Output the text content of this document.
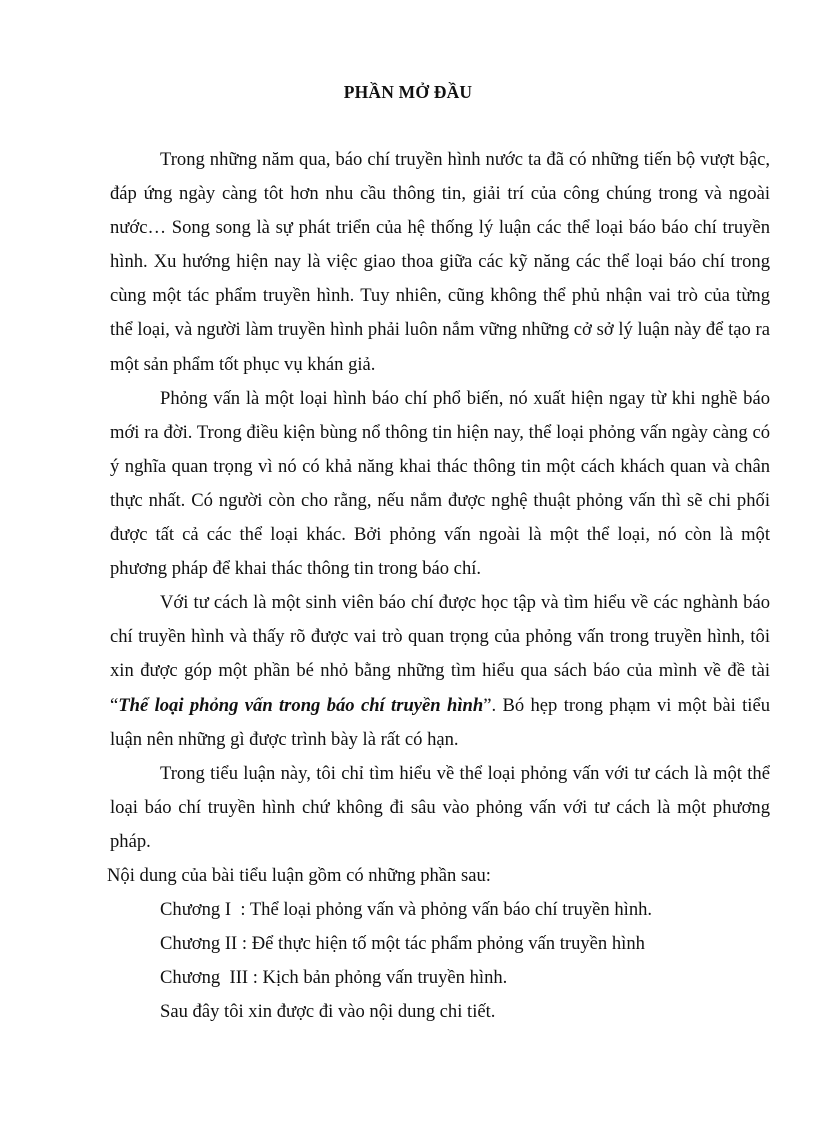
PHẦN MỞ ĐẦU

Trong những năm qua, báo chí truyền hình nước ta đã có những tiến bộ vượt bậc, đáp ứng ngày càng tôt hơn nhu cầu thông tin, giải trí của công chúng trong và ngoài nước… Song song là sự phát triển của hệ thống lý luận các thể loại báo báo chí truyền hình. Xu hướng hiện nay là việc giao thoa giữa các kỹ năng các thể loại báo chí trong cùng một tác phẩm truyền hình. Tuy nhiên, cũng không thể phủ nhận vai trò của từng thể loại, và người làm truyền hình phải luôn nắm vững những cở sở lý luận này để tạo ra một sản phẩm tốt phục vụ khán giả.

Phỏng vấn là một loại hình báo chí phổ biến, nó xuất hiện ngay từ khi nghề báo mới ra đời. Trong điều kiện bùng nổ thông tin hiện nay, thể loại phỏng vấn ngày càng có ý nghĩa quan trọng vì nó có khả năng khai thác thông tin một cách khách quan và chân thực nhất. Có người còn cho rằng, nếu nắm được nghệ thuật phỏng vấn thì sẽ chi phối được tất cả các thể loại khác. Bởi phỏng vấn ngoài là một thể loại, nó còn là một phương pháp để khai thác thông tin trong báo chí.

Với tư cách là một sinh viên báo chí được học tập và tìm hiểu về các nghành báo chí truyền hình và thấy rõ được vai trò quan trọng của phỏng vấn trong truyền hình, tôi xin được góp một phần bé nhỏ bằng những tìm hiểu qua sách báo của mình về đề tài “Thể loại phỏng vấn trong báo chí truyền hình”. Bó hẹp trong phạm vi một bài tiểu luận nên những gì được trình bày là rất có hạn.

Trong tiểu luận này, tôi chỉ tìm hiểu về thể loại phỏng vấn với tư cách là một thể loại báo chí truyền hình chứ không đi sâu vào phỏng vấn với tư cách là một phương pháp.

Nội dung của bài tiểu luận gồm có những phần sau:

Chương I  : Thể loại phỏng vấn và phỏng vấn báo chí truyền hình.

Chương II : Để thực hiện tố một tác phẩm phỏng vấn truyền hình

Chương  III : Kịch bản phỏng vấn truyền hình.

Sau đây tôi xin được đi vào nội dung chi tiết.
